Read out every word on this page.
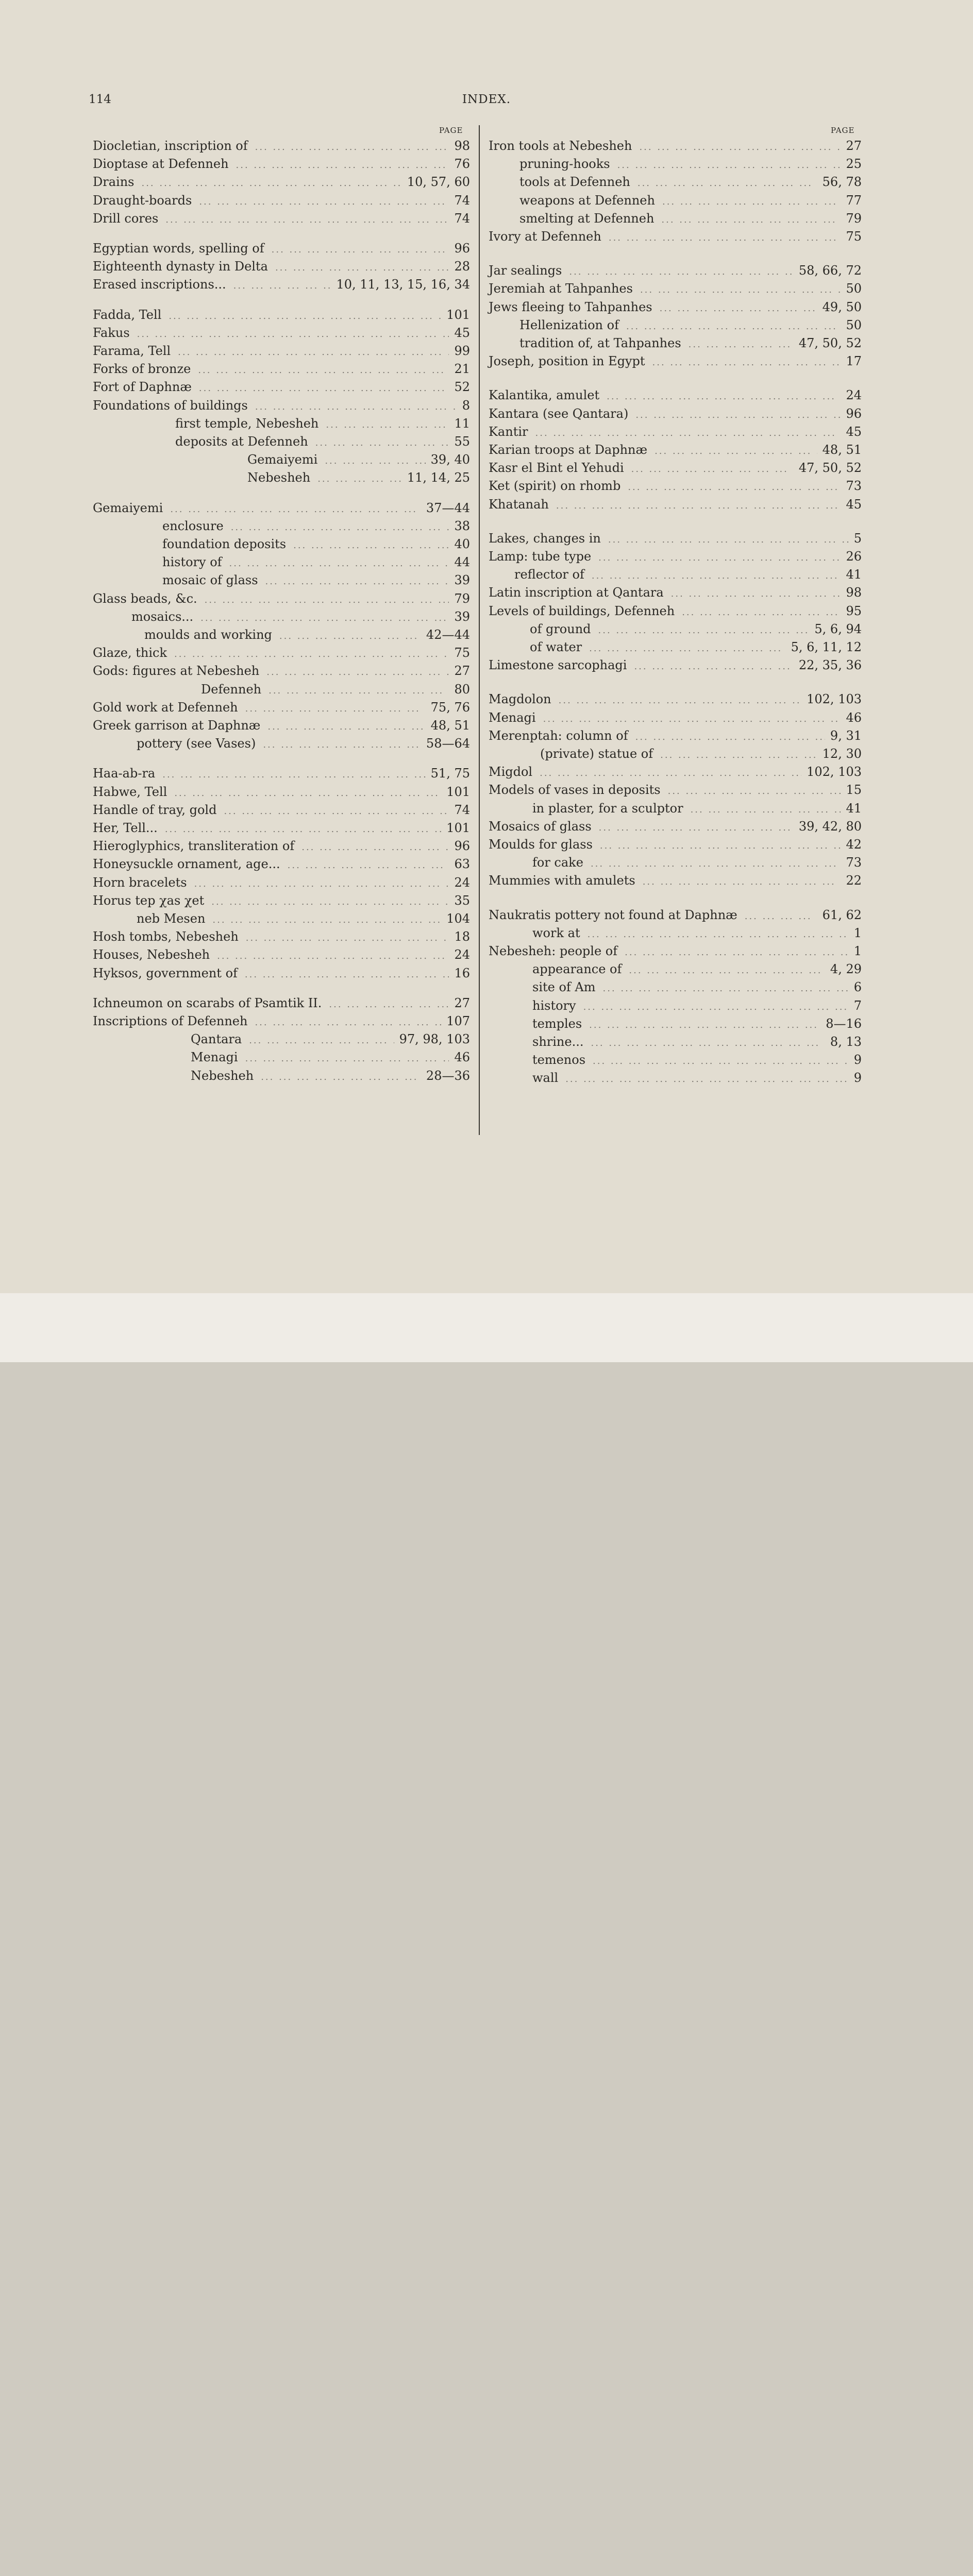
114	INDEX.
PAGE	PAGE
Diocletian, inscription of ... .	98
Dioptase at Defenneh ... .	76
Drains ... .	10, 57, 60
Draught-boards ... .	74
Drill cores ... .	74
Egyptian words, spelling of ... .	96
Eighteenth dynasty in Delta ... .	28
Erased inscriptions... ... .	10, 11, 13, 15, 16, 34
Fadda, Tell ... .	101
Fakus ... .	45
Farama, Tell ... .	99
Forks of bronze ... .	21
Fort of Daphnæ ... .	52
Foundations of buildings ... .	8
first temple, Nebesheh ... .	11
deposits at Defenneh ... .	55
Gemaiyemi ... .	39, 40
Nebesheh ... .	11, 14, 25
Gemaiyemi ... .	37—44
enclosure ... .	38
foundation deposits ... .	40
history of ... .	44
mosaic of glass ... .	39
Glass beads, &c. ... .	79
mosaics... ... .	39
moulds and working ... .	42—44
Glaze, thick ... .	75
Gods: figures at Nebesheh ... .	27
Defenneh ... .	80
Gold work at Defenneh ... .	75, 76
Greek garrison at Daphnæ ... .	48, 51
pottery (see Vases) ... .	58—64
Haa-ab-ra ... .	51, 75
Habwe, Tell ... .	101
Handle of tray, gold ... .	74
Her, Tell... ... .	101
Hieroglyphics, transliteration of ... .	96
Honeysuckle ornament, age... ... .	63
Horn bracelets ... .	24
Horus tep χas χet ... .	35
neb Mesen ... .	104
Hosh tombs, Nebesheh ... .	18
Houses, Nebesheh ... .	24
Hyksos, government of ... .	16
Ichneumon on scarabs of Psamtik II. ... .	27
Inscriptions of Defenneh ... .	107
Qantara ... .	97, 98, 103
Menagi ... .	46
Nebesheh ... .	28—36
Iron tools at Nebesheh ... .	27
pruning-hooks ... .	25
tools at Defenneh ... .	56, 78
weapons at Defenneh ... .	77
smelting at Defenneh ... .	79
Ivory at Defenneh ... .	75
Jar sealings ... .	58, 66, 72
Jeremiah at Tahpanhes ... .	50
Jews fleeing to Tahpanhes ... .	49, 50
Hellenization of ... .	50
tradition of, at Tahpanhes ... .	47, 50, 52
Joseph, position in Egypt ... .	17
Kalantika, amulet ... .	24
Kantara (see Qantara) ... .	96
Kantir ... .	45
Karian troops at Daphnæ ... .	48, 51
Kasr el Bint el Yehudi ... .	47, 50, 52
Ket (spirit) on rhomb ... .	73
Khatanah ... .	45
Lakes, changes in ... .	5
Lamp: tube type ... .	26
reflector of ... .	41
Latin inscription at Qantara ... .	98
Levels of buildings, Defenneh ... .	95
of ground ... .	5, 6, 94
of water ... .	5, 6, 11, 12
Limestone sarcophagi ... .	22, 35, 36
Magdolon ... .	102, 103
Menagi ... .	46
Merenptah: column of ... .	9, 31
(private) statue of ... .	12, 30
Migdol ... .	102, 103
Models of vases in deposits ... .	15
in plaster, for a sculptor ... .	41
Mosaics of glass ... .	39, 42, 80
Moulds for glass ... .	42
for cake ... .	73
Mummies with amulets ... .	22
Naukratis pottery not found at Daphnæ ... .	61, 62
work at ... .	1
Nebesheh: people of ... .	1
appearance of ... .	4, 29
site of Am ... .	6
history ... .	7
temples ... .	8—16
shrine... ... .	8, 13
temenos ... .	9
wall ... .	9
